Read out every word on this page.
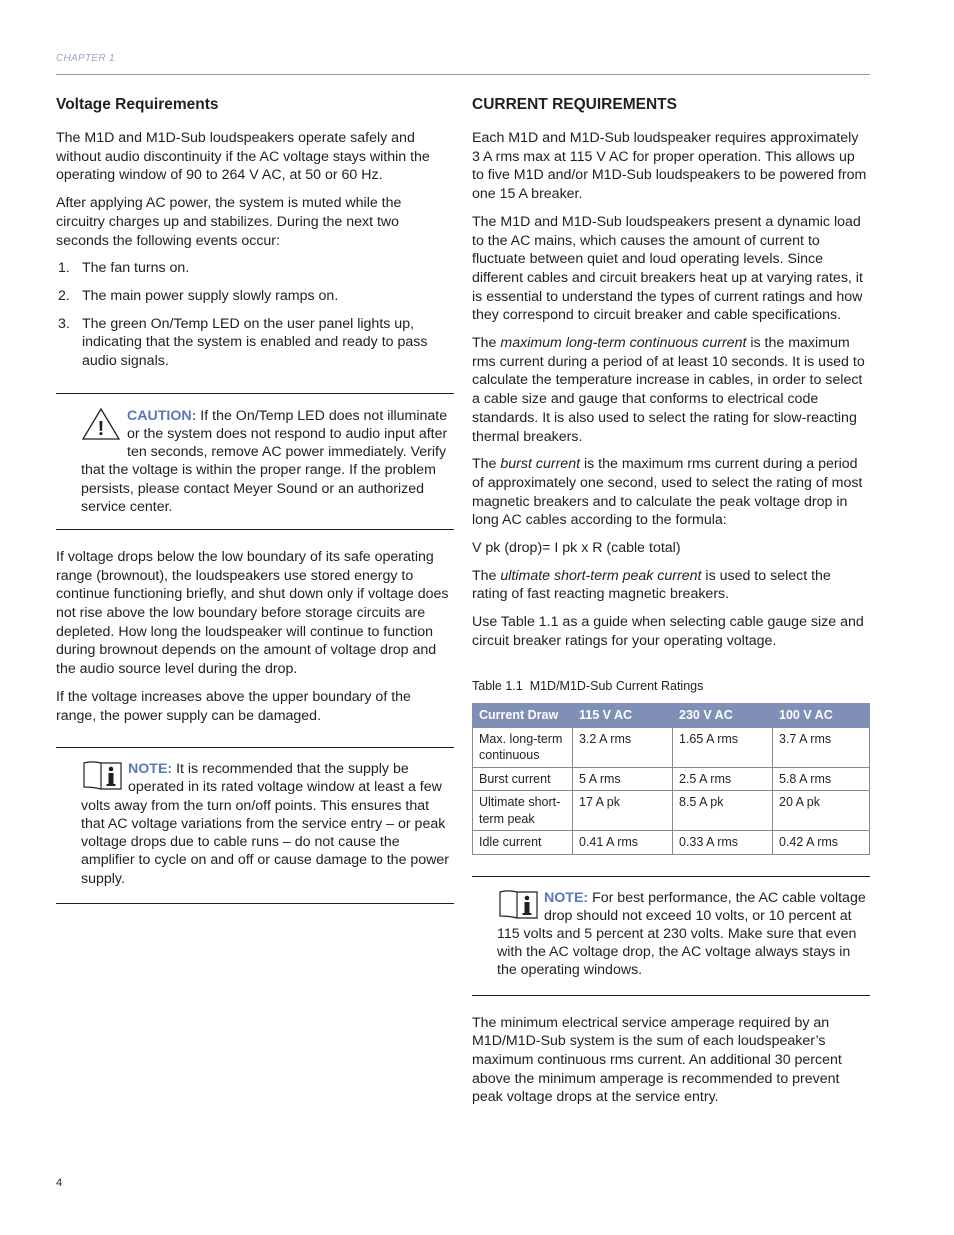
CHAPTER 1
Voltage Requirements

The M1D and M1D-Sub loudspeakers operate safely and without audio discontinuity if the AC voltage stays within the operating window of 90 to 264 V AC, at 50 or 60 Hz.

After applying AC power, the system is muted while the circuitry charges up and stabilizes. During the next two seconds the following events occur:

1. The fan turns on.
2. The main power supply slowly ramps on.
3. The green On/Temp LED on the user panel lights up, indicating that the system is enabled and ready to pass audio signals.
!
CAUTION: If the On/Temp LED does not illuminate or the system does not respond to audio input after ten seconds, remove AC power immediately. Verify that the voltage is within the proper range. If the problem persists, please contact Meyer Sound or an authorized service center.

If voltage drops below the low boundary of its safe operating range (brownout), the loudspeakers use stored energy to continue functioning briefly, and shut down only if voltage does not rise above the low boundary before storage circuits are depleted. How long the loudspeaker will continue to function during brownout depends on the amount of voltage drop and the audio source level during the drop.

If the voltage increases above the upper boundary of the range, the power supply can be damaged.

NOTE: It is recommended that the supply be operated in its rated voltage window at least a few volts away from the turn on/off points. This ensures that that AC voltage variations from the service entry – or peak voltage drops due to cable runs – do not cause the amplifier to cycle on and off or cause damage to the power supply.
CURRENT REQUIREMENTS

Each M1D and M1D-Sub loudspeaker requires approximately 3 A rms max at 115 V AC for proper operation. This allows up to five M1D and/or M1D-Sub loudspeakers to be powered from one 15 A breaker.

The M1D and M1D-Sub loudspeakers present a dynamic load to the AC mains, which causes the amount of current to fluctuate between quiet and loud operating levels. Since different cables and circuit breakers heat up at varying rates, it is essential to understand the types of current ratings and how they correspond to circuit breaker and cable specifications.

The maximum long-term continuous current is the maximum rms current during a period of at least 10 seconds. It is used to calculate the temperature increase in cables, in order to select a cable size and gauge that conforms to electrical code standards. It is also used to select the rating for slow-reacting thermal breakers.

The burst current is the maximum rms current during a period of approximately one second, used to select the rating of most magnetic breakers and to calculate the peak voltage drop in long AC cables according to the formula:

V pk (drop)= I pk x R (cable total)

The ultimate short-term peak current is used to select the rating of fast reacting magnetic breakers.

Use Table 1.1 as a guide when selecting cable gauge size and circuit breaker ratings for your operating voltage.

Table 1.1 M1D/M1D-Sub Current Ratings
Current Draw	115 V AC	230 V AC	100 V AC
Max. long-term continuous	3.2 A rms	1.65 A rms	3.7 A rms
Burst current	5 A rms	2.5 A rms	5.8 A rms
Ultimate short-term peak	17 A pk	8.5 A pk	20 A pk
Idle current	0.41 A rms	0.33 A rms	0.42 A rms
NOTE: For best performance, the AC cable voltage drop should not exceed 10 volts, or 10 percent at 115 volts and 5 percent at 230 volts. Make sure that even with the AC voltage drop, the AC voltage always stays in the operating windows.

The minimum electrical service amperage required by an M1D/M1D-Sub system is the sum of each loudspeaker’s maximum continuous rms current. An additional 30 percent above the minimum amperage is recommended to prevent peak voltage drops at the service entry.

4
